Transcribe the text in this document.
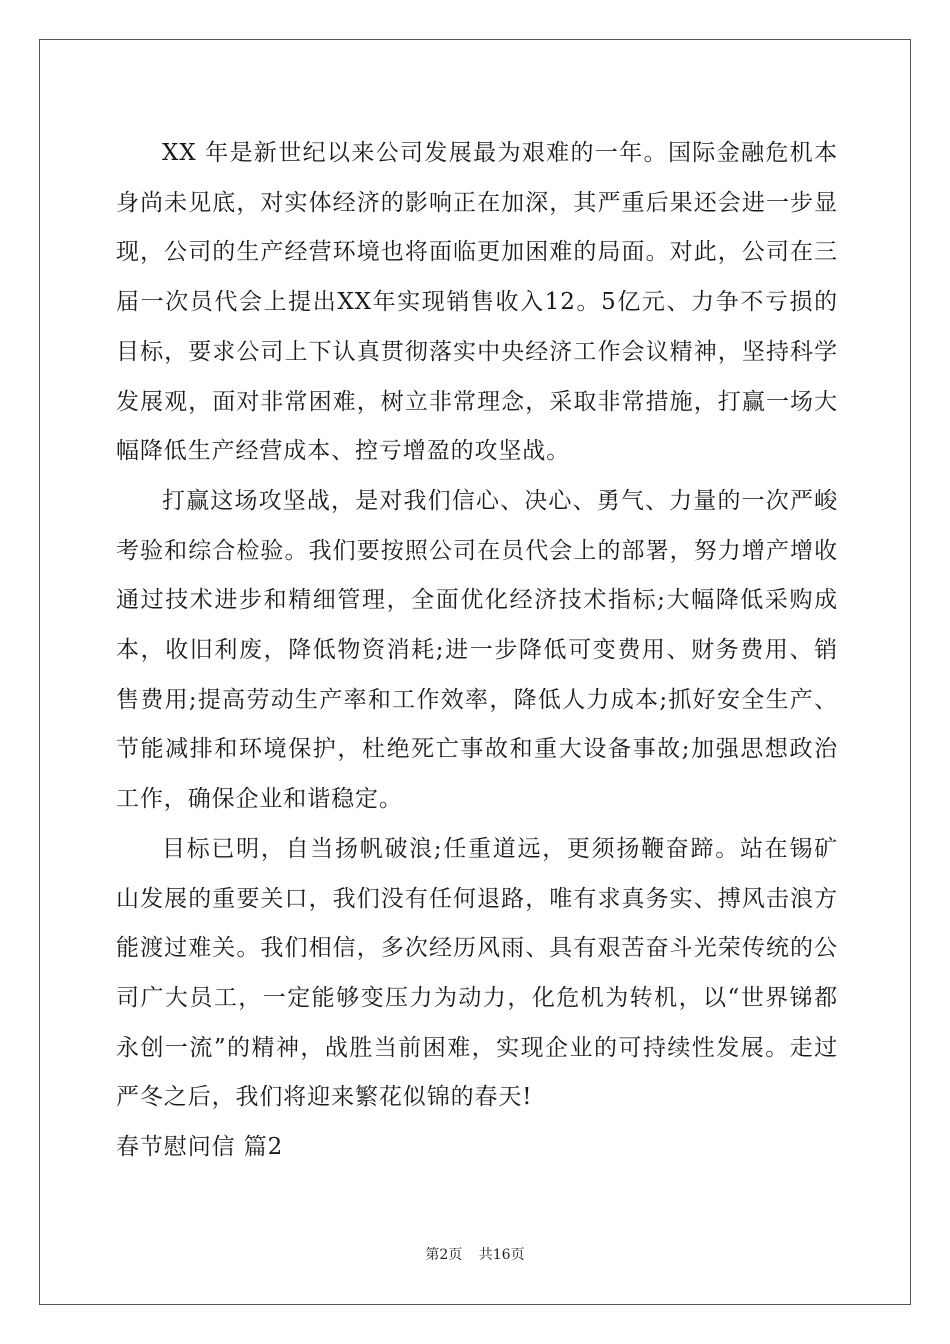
XX 年是新世纪以来公司发展最为艰难的一年。国际金融危机本身尚未见底，对实体经济的影响正在加深，其严重后果还会进一步显现，公司的生产经营环境也将面临更加困难的局面。对此，公司在三届一次员代会上提出XX年实现销售收入12。5亿元、力争不亏损的目标，要求公司上下认真贯彻落实中央经济工作会议精神，坚持科学发展观，面对非常困难，树立非常理念，采取非常措施，打赢一场大幅降低生产经营成本、控亏增盈的攻坚战。

打赢这场攻坚战，是对我们信心、决心、勇气、力量的一次严峻考验和综合检验。我们要按照公司在员代会上的部署，努力增产增收通过技术进步和精细管理，全面优化经济技术指标;大幅降低采购成本，收旧利废，降低物资消耗;进一步降低可变费用、财务费用、销售费用;提高劳动生产率和工作效率，降低人力成本;抓好安全生产、节能减排和环境保护，杜绝死亡事故和重大设备事故;加强思想政治工作，确保企业和谐稳定。

目标已明，自当扬帆破浪;任重道远，更须扬鞭奋蹄。站在锡矿山发展的重要关口，我们没有任何退路，唯有求真务实、搏风击浪方能渡过难关。我们相信，多次经历风雨、具有艰苦奋斗光荣传统的公司广大员工，一定能够变压力为动力，化危机为转机，以“世界锑都永创一流”的精神，战胜当前困难，实现企业的可持续性发展。走过严冬之后，我们将迎来繁花似锦的春天!

春节慰问信 篇2

第2页 共16页
